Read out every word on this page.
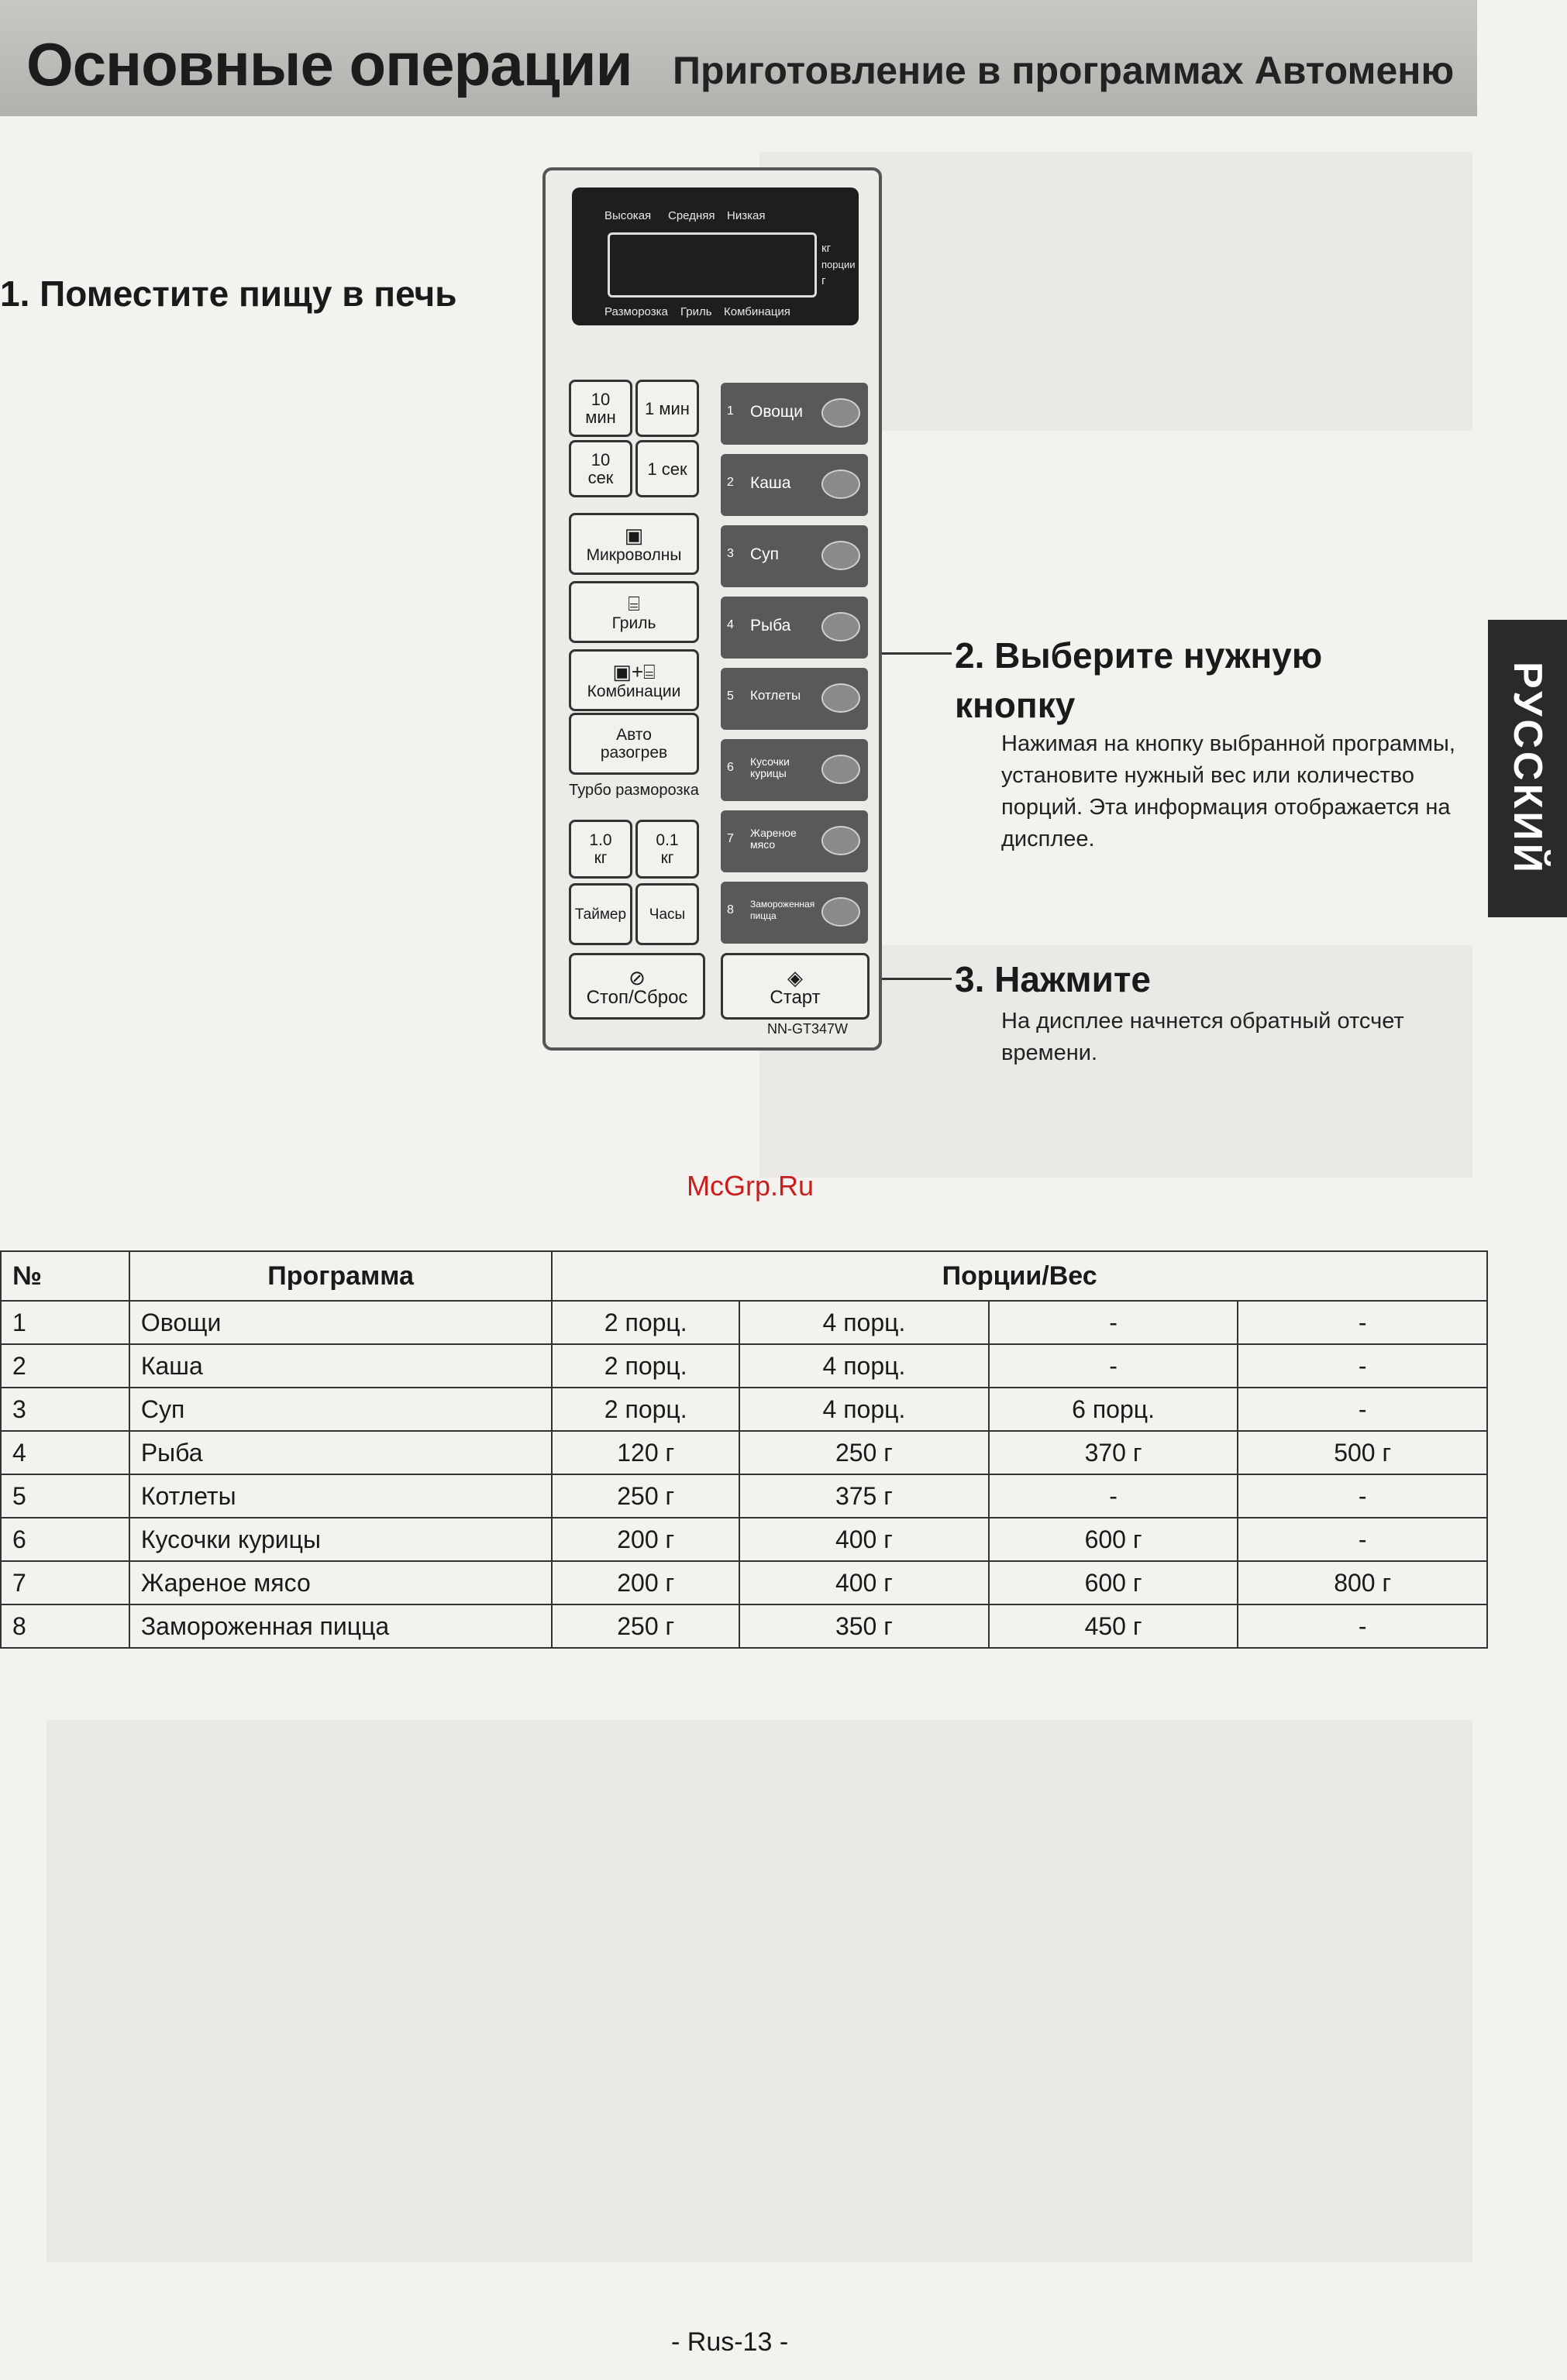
Основные операции Приготовление в программах Автоменю
РУССКИЙ
1. Поместите пищу в печь
2. Выберите нужную кнопку
Нажимая на кнопку выбранной программы, установите нужный вес или количество порций. Эта информация отображается на дисплее.
3. Нажмите
На дисплее начнется обратный отсчет времени.
Высокая Средняя Низкая
кг
порции
г
Разморозка Гриль Комбинация
10 мин	1 мин
10 сек	1 сек
▣
Микроволны
⌸
Гриль
▣+⌸
Комбинации
Авто разогрев
Турбо разморозка
1.0 кг
0.1 кг
Таймер Часы
⊘
Стоп/Сброс
◈
Старт
NN-GT347W
1 Овощи
2 Каша
3 Суп
4 Рыба
5 Котлеты
6 Кусочки курицы
7 Жареное мясо
8 Замороженная пицца
McGrp.Ru
№	Программа	Порции/Вес			
1	Овощи	2 порц.	4 порц.	-	-
2	Каша	2 порц.	4 порц.	-	-
3	Суп	2 порц.	4 порц.	6 порц.	-
4	Рыба	120 г	250 г	370 г	500 г
5	Котлеты	250 г	375 г	-	-
6	Кусочки курицы	200 г	400 г	600 г	-
7	Жареное мясо	200 г	400 г	600 г	800 г
8	Замороженная пицца	250 г	350 г	450 г	-
- Rus-13 -
